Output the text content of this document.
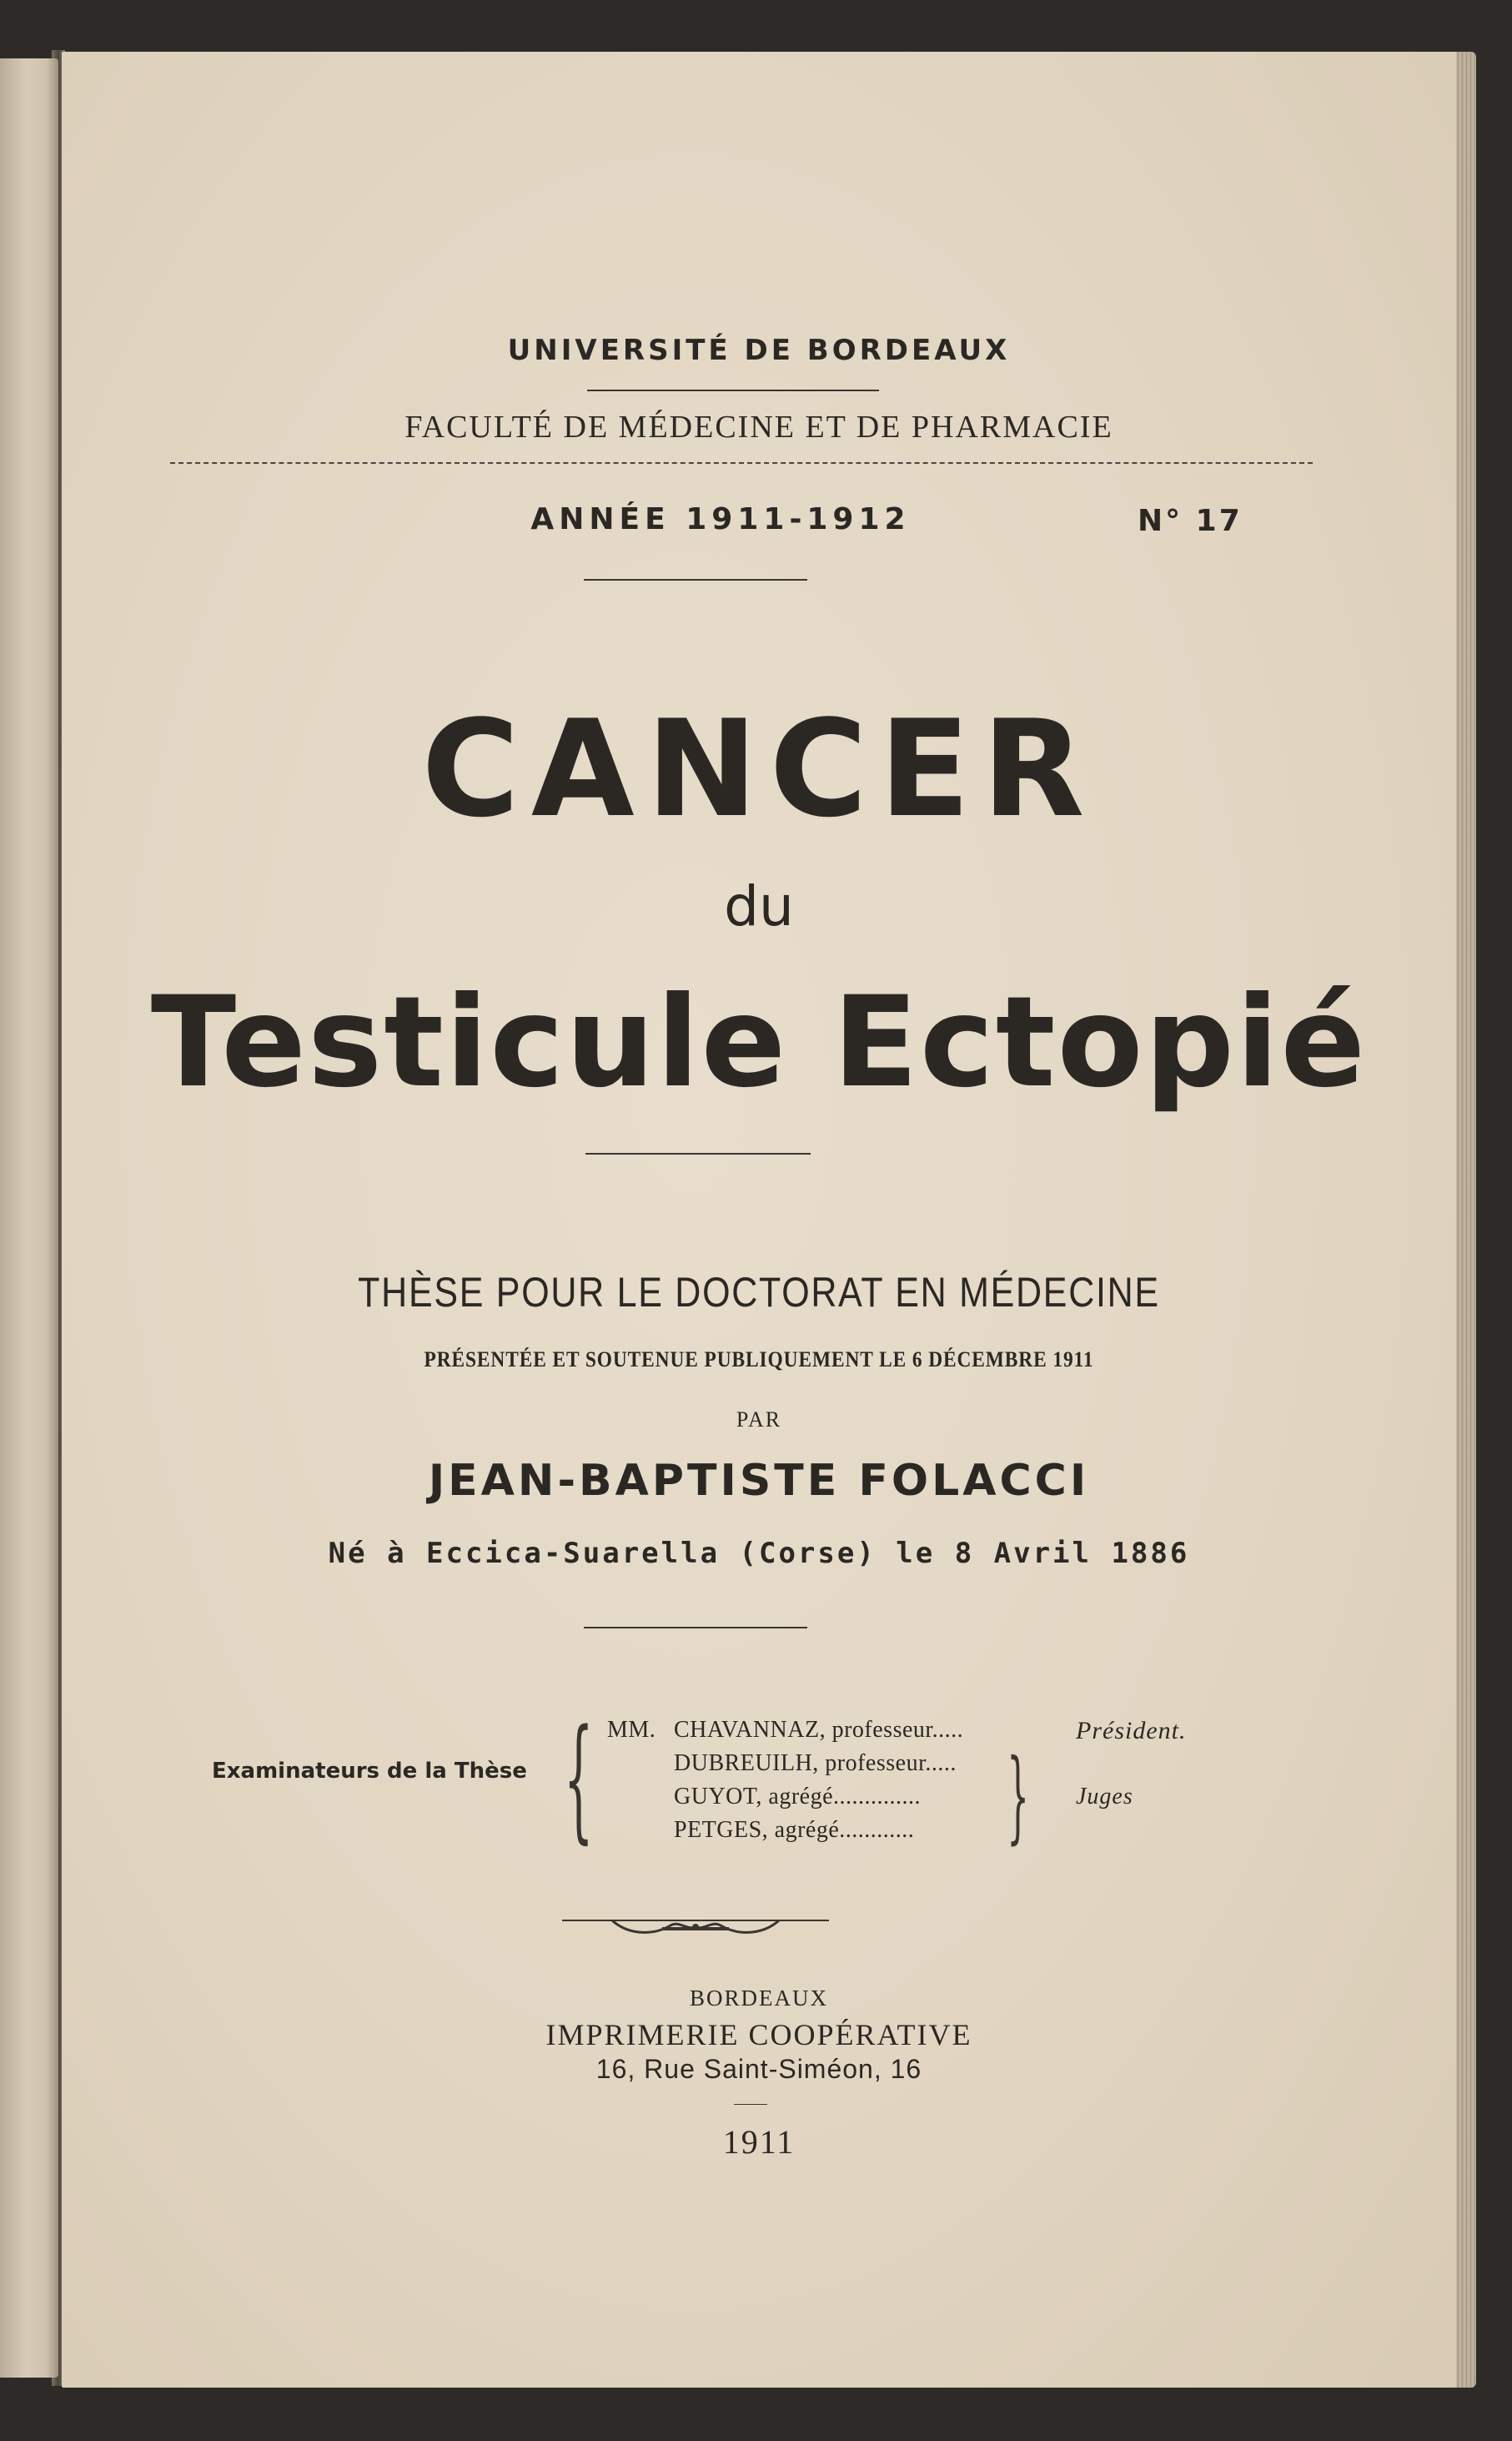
UNIVERSITÉ DE BORDEAUX
FACULTÉ DE MÉDECINE ET DE PHARMACIE
ANNÉE 1911-1912	N° 17
CANCER
du
Testicule Ectopié
THÈSE POUR LE DOCTORAT EN MÉDECINE
PRÉSENTÉE ET SOUTENUE PUBLIQUEMENT LE 6 DÉCEMBRE 1911
PAR
JEAN-BAPTISTE FOLACCI
Né à Eccica-Suarella (Corse) le 8 Avril 1886
Examinateurs de la Thèse { MM. CHAVANNAZ, professeur.....
DUBREUILH, professeur.....
GUYOT, agrégé..............
PETGES, agrégé............ {
Président.
Juges
BORDEAUX
IMPRIMERIE COOPÉRATIVE
16, Rue Saint-Siméon, 16
1911
